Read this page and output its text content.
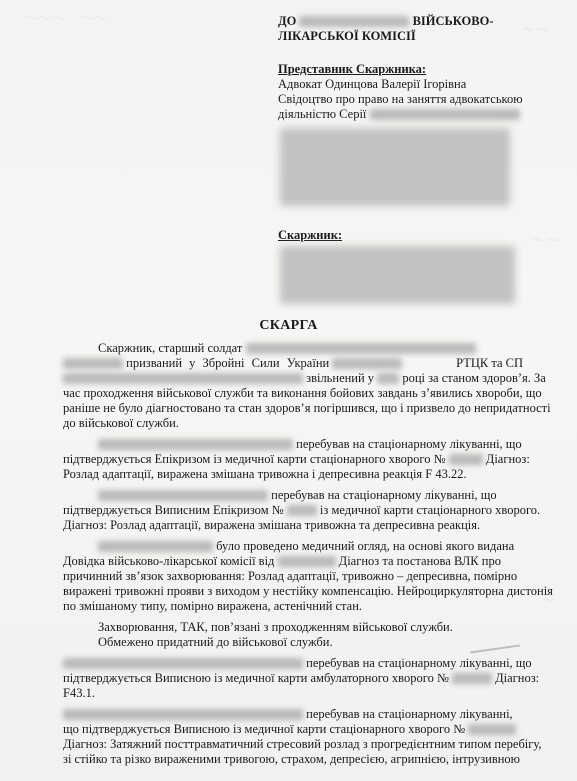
〜〜〜　〜〜
〜〜
〜〜
〜
ДО	ВІЙСЬКОВО-
ЛІКАРСЬКОЇ КОМІСІЇ
Представник Скаржника:
Адвокат Одинцова Валерії Ігорівна
Свідоцтво про право на заняття адвокатською
діяльністю Серії
Скаржник:
СКАРГА
Скаржник, старший солдат
призваний у Збройні Сили України	РТЦК та СП
звільнений у році за станом здоров’я. За
час проходження військової служби та виконання бойових завдань з’явились хвороби, що
раніше не було діагностовано та стан здоров’я погіршився, що і призвело до непридатності
до військової служби.
перебував на стаціонарному лікуванні, що
підтверджується Епікризом із медичної карти стаціонарного хворого №	Діагноз:
Розлад адаптації, виражена змішана тривожна і депресивна реакція F 43.22.
перебував на стаціонарному лікуванні, що
підтверджується Виписним Епікризом №	із медичної карти стаціонарного хворого.
Діагноз: Розлад адаптації, виражена змішана тривожна та депресивна реакція.
було проведено медичний огляд, на основі якого видана
Довідка військово-лікарської комісії від	Діагноз та постанова ВЛК про
причинний зв’язок захворювання: Розлад адаптації, тривожно – депресивна, помірно
виражені тривожні прояви з виходом у нестійку компенсацію. Нейроциркуляторна дистонія
по змішаному типу, помірно виражена, астенічний стан.
Захворювання, ТАК, пов’язані з проходженням військової служби.
Обмежено придатний до військової служби.
перебував на стаціонарному лікуванні, що
підтверджується Виписною із медичної карти амбулаторного хворого №	Діагноз:
F43.1.
перебував на стаціонарному лікуванні,
що підтверджується Виписною із медичної карти стаціонарного хворого №
Діагноз: Затяжний посттравматичний стресовий розлад з прогредієнтним типом перебігу,
зі стійко та різко вираженими тривогою, страхом, депресією, агрипнією, інтрузивною
